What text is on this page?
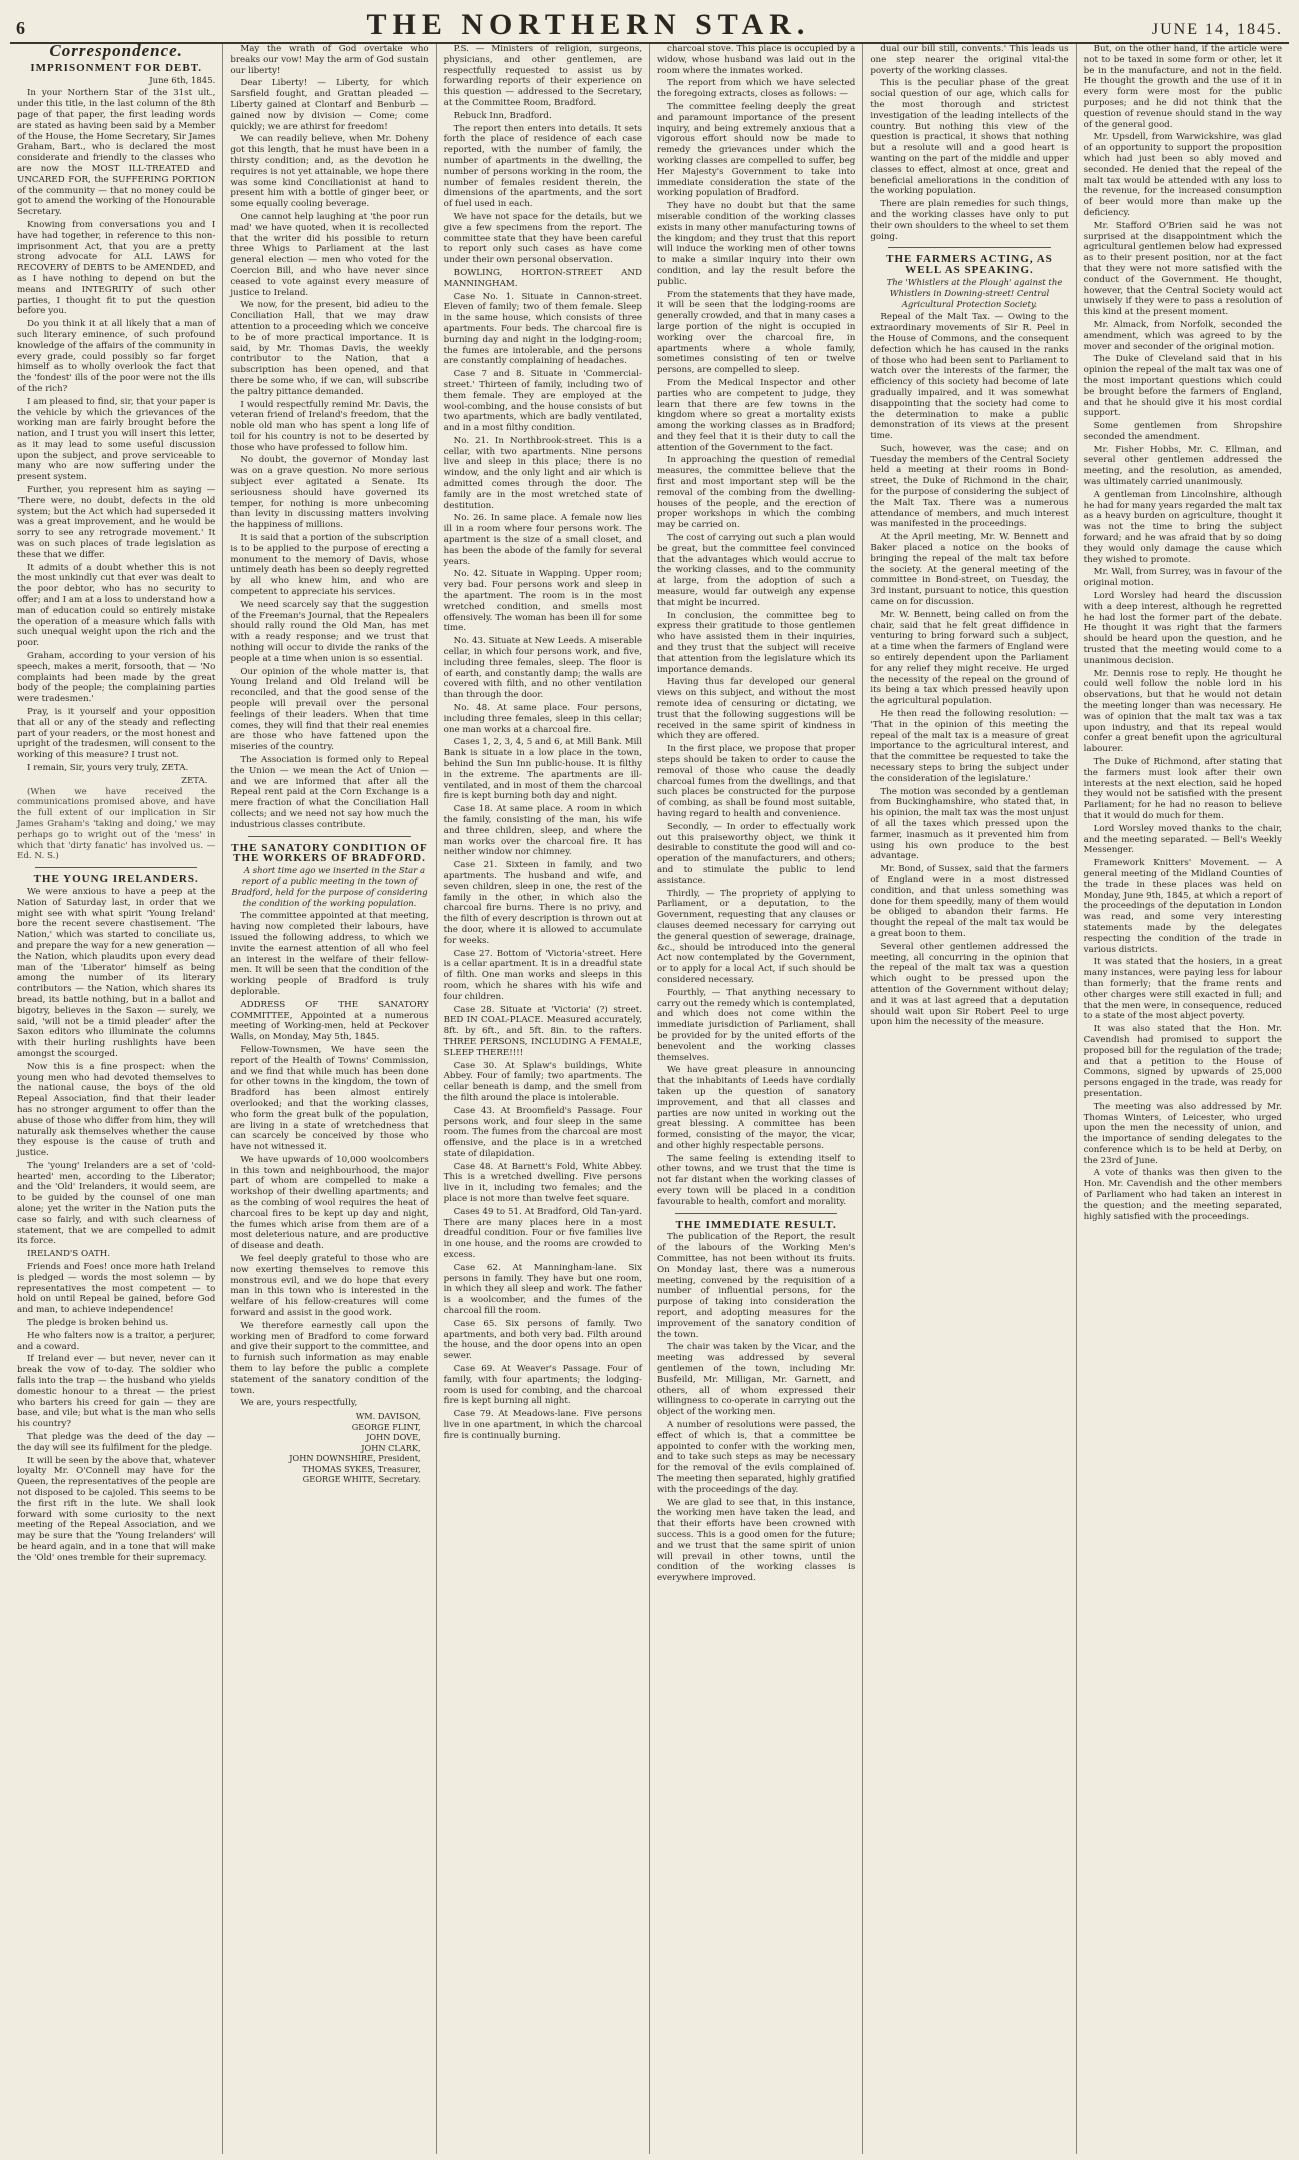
6	THE NORTHERN STAR.	JUNE 14, 1845.
Correspondence.
IMPRISONMENT FOR DEBT.
June 6th, 1845.

In your Northern Star of the 31st ult., under this title, in the last column of the 8th page of that paper, the first leading words are stated as having been said by a Member of the House, the Home Secretary, Sir James Graham, Bart., who is declared the most considerate and friendly to the classes who are now the MOST ILL-TREATED and UNCARED FOR, the SUFFERING PORTION of the community — that no money could be got to amend the working of the Honourable Secretary.

Knowing from conversations you and I have had together, in reference to this non-imprisonment Act, that you are a pretty strong advocate for ALL LAWS for RECOVERY of DEBTS to be AMENDED, and as I have nothing to depend on but the means and INTEGRITY of such other parties, I thought fit to put the question before you.

Do you think it at all likely that a man of such literary eminence, of such profound knowledge of the affairs of the community in every grade, could possibly so far forget himself as to wholly overlook the fact that the 'fondest' ills of the poor were not the ills of the rich?

I am pleased to find, sir, that your paper is the vehicle by which the grievances of the working man are fairly brought before the nation, and I trust you will insert this letter, as it may lead to some useful discussion upon the subject, and prove serviceable to many who are now suffering under the present system.

Further, you represent him as saying — 'There were, no doubt, defects in the old system; but the Act which had superseded it was a great improvement, and he would be sorry to see any retrograde movement.' It was on such places of trade legislation as these that we differ.

It admits of a doubt whether this is not the most unkindly cut that ever was dealt to the poor debtor, who has no security to offer; and I am at a loss to understand how a man of education could so entirely mistake the operation of a measure which falls with such unequal weight upon the rich and the poor.

Graham, according to your version of his speech, makes a merit, forsooth, that — 'No complaints had been made by the great body of the people; the complaining parties were tradesmen.'

Pray, is it yourself and your opposition that all or any of the steady and reflecting part of your readers, or the most honest and upright of the tradesmen, will consent to the working of this measure? I trust not.

I remain, Sir, yours very truly, ZETA.

ZETA.

(When we have received the communications promised above, and have the full extent of our implication in Sir James Graham's 'taking and doing,' we may perhaps go to wright out of the 'mess' in which that 'dirty fanatic' has involved us. — Ed. N. S.)

THE YOUNG IRELANDERS.

We were anxious to have a peep at the Nation of Saturday last, in order that we might see with what spirit 'Young Ireland' bore the recent severe chastisement. 'The Nation,' which was started to conciliate us, and prepare the way for a new generation — the Nation, which plaudits upon every dead man of the 'Liberator' himself as being among the number of its literary contributors — the Nation, which shares its bread, its battle nothing, but in a ballot and bigotry, believes in the Saxon — surely, we said, 'will not be a timid pleader' after the Saxon editors who illuminate the columns with their hurling rushlights have been amongst the scourged.

Now this is a fine prospect: when the young men who had devoted themselves to the national cause, the boys of the old Repeal Association, find that their leader has no stronger argument to offer than the abuse of those who differ from him, they will naturally ask themselves whether the cause they espouse is the cause of truth and justice.

The 'young' Irelanders are a set of 'cold-hearted' men, according to the Liberator; and the 'Old' Irelanders, it would seem, are to be guided by the counsel of one man alone; yet the writer in the Nation puts the case so fairly, and with such clearness of statement, that we are compelled to admit its force.

IRELAND'S OATH.

Friends and Foes! once more hath Ireland is pledged — words the most solemn — by representatives the most competent — to hold on until Repeal be gained, before God and man, to achieve independence!

The pledge is broken behind us.

He who falters now is a traitor, a perjurer, and a coward.

If Ireland ever — but never, never can it break the vow of to-day. The soldier who falls into the trap — the husband who yields domestic honour to a threat — the priest who barters his creed for gain — they are base, and vile; but what is the man who sells his country?

That pledge was the deed of the day — the day will see its fulfilment for the pledge.

It will be seen by the above that, whatever loyalty Mr. O'Connell may have for the Queen, the representatives of the people are not disposed to be cajoled. This seems to be the first rift in the lute. We shall look forward with some curiosity to the next meeting of the Repeal Association, and we may be sure that the 'Young Irelanders' will be heard again, and in a tone that will make the 'Old' ones tremble for their supremacy.

May the wrath of God overtake who breaks our vow! May the arm of God sustain our liberty!

Dear Liberty! — Liberty, for which Sarsfield fought, and Grattan pleaded — Liberty gained at Clontarf and Benburb — gained now by division — Come; come quickly; we are athirst for freedom!

We can readily believe, when Mr. Doheny got this length, that he must have been in a thirsty condition; and, as the devotion he requires is not yet attainable, we hope there was some kind Conciliationist at hand to present him with a bottle of ginger beer, or some equally cooling beverage.

One cannot help laughing at 'the poor run mad' we have quoted, when it is recollected that the writer did his possible to return three Whigs to Parliament at the last general election — men who voted for the Coercion Bill, and who have never since ceased to vote against every measure of justice to Ireland.

We now, for the present, bid adieu to the Conciliation Hall, that we may draw attention to a proceeding which we conceive to be of more practical importance. It is said, by Mr. Thomas Davis, the weekly contributor to the Nation, that a subscription has been opened, and that there be some who, if we can, will subscribe the paltry pittance demanded.

I would respectfully remind Mr. Davis, the veteran friend of Ireland's freedom, that the noble old man who has spent a long life of toil for his country is not to be deserted by those who have professed to follow him.

No doubt, the governor of Monday last was on a grave question. No more serious subject ever agitated a Senate. Its seriousness should have governed its temper, for nothing is more unbecoming than levity in discussing matters involving the happiness of millions.

It is said that a portion of the subscription is to be applied to the purpose of erecting a monument to the memory of Davis, whose untimely death has been so deeply regretted by all who knew him, and who are competent to appreciate his services.

We need scarcely say that the suggestion of the Freeman's Journal, that the Repealers should rally round the Old Man, has met with a ready response; and we trust that nothing will occur to divide the ranks of the people at a time when union is so essential.

Our opinion of the whole matter is, that Young Ireland and Old Ireland will be reconciled, and that the good sense of the people will prevail over the personal feelings of their leaders. When that time comes, they will find that their real enemies are those who have fattened upon the miseries of the country.

The Association is formed only to Repeal the Union — we mean the Act of Union — and we are informed that after all the Repeal rent paid at the Corn Exchange is a mere fraction of what the Conciliation Hall collects; and we need not say how much the industrious classes contribute.

THE SANATORY CONDITION OF THE WORKERS OF BRADFORD.

A short time ago we inserted in the Star a report of a public meeting in the town of Bradford, held for the purpose of considering the condition of the working population.

The committee appointed at that meeting, having now completed their labours, have issued the following address, to which we invite the earnest attention of all who feel an interest in the welfare of their fellow-men. It will be seen that the condition of the working people of Bradford is truly deplorable.

ADDRESS OF THE SANATORY COMMITTEE, Appointed at a numerous meeting of Working-men, held at Peckover Walls, on Monday, May 5th, 1845.

Fellow-Townsmen, We have seen the report of the Health of Towns' Commission, and we find that while much has been done for other towns in the kingdom, the town of Bradford has been almost entirely overlooked; and that the working classes, who form the great bulk of the population, are living in a state of wretchedness that can scarcely be conceived by those who have not witnessed it.

We have upwards of 10,000 woolcombers in this town and neighbourhood, the major part of whom are compelled to make a workshop of their dwelling apartments; and as the combing of wool requires the heat of charcoal fires to be kept up day and night, the fumes which arise from them are of a most deleterious nature, and are productive of disease and death.

We feel deeply grateful to those who are now exerting themselves to remove this monstrous evil, and we do hope that every man in this town who is interested in the welfare of his fellow-creatures will come forward and assist in the good work.

We therefore earnestly call upon the working men of Bradford to come forward and give their support to the committee, and to furnish such information as may enable them to lay before the public a complete statement of the sanatory condition of the town.

We are, yours respectfully,

WM. DAVISON,
GEORGE FLINT,
JOHN DOVE,
JOHN CLARK,
JOHN DOWNSHIRE, President,
THOMAS SYKES, Treasurer,
GEORGE WHITE, Secretary.

P.S. — Ministers of religion, surgeons, physicians, and other gentlemen, are respectfully requested to assist us by forwarding reports of their experience on this question — addressed to the Secretary, at the Committee Room, Bradford.

Rebuck Inn, Bradford.

The report then enters into details. It sets forth the place of residence of each case reported, with the number of family, the number of apartments in the dwelling, the number of persons working in the room, the number of females resident therein, the dimensions of the apartments, and the sort of fuel used in each.

We have not space for the details, but we give a few specimens from the report. The committee state that they have been careful to report only such cases as have come under their own personal observation.

BOWLING, HORTON-STREET AND MANNINGHAM.

Case No. 1. Situate in Cannon-street. Eleven of family; two of them female. Sleep in the same house, which consists of three apartments. Four beds. The charcoal fire is burning day and night in the lodging-room; the fumes are intolerable, and the persons are constantly complaining of headaches.

Case 7 and 8. Situate in 'Commercial-street.' Thirteen of family, including two of them female. They are employed at the wool-combing, and the house consists of but two apartments, which are badly ventilated, and in a most filthy condition.

No. 21. In Northbrook-street. This is a cellar, with two apartments. Nine persons live and sleep in this place; there is no window, and the only light and air which is admitted comes through the door. The family are in the most wretched state of destitution.

No. 26. In same place. A female now lies ill in a room where four persons work. The apartment is the size of a small closet, and has been the abode of the family for several years.

No. 42. Situate in Wapping. Upper room; very bad. Four persons work and sleep in the apartment. The room is in the most wretched condition, and smells most offensively. The woman has been ill for some time.

No. 43. Situate at New Leeds. A miserable cellar, in which four persons work, and five, including three females, sleep. The floor is of earth, and constantly damp; the walls are covered with filth, and no other ventilation than through the door.

No. 48. At same place. Four persons, including three females, sleep in this cellar; one man works at a charcoal fire.

Cases 1, 2, 3, 4, 5 and 6, at Mill Bank. Mill Bank is situate in a low place in the town, behind the Sun Inn public-house. It is filthy in the extreme. The apartments are ill-ventilated, and in most of them the charcoal fire is kept burning both day and night.

Case 18. At same place. A room in which the family, consisting of the man, his wife and three children, sleep, and where the man works over the charcoal fire. It has neither window nor chimney.

Case 21. Sixteen in family, and two apartments. The husband and wife, and seven children, sleep in one, the rest of the family in the other, in which also the charcoal fire burns. There is no privy, and the filth of every description is thrown out at the door, where it is allowed to accumulate for weeks.

Case 27. Bottom of 'Victoria'-street. Here is a cellar apartment. It is in a dreadful state of filth. One man works and sleeps in this room, which he shares with his wife and four children.

Case 28. Situate at 'Victoria' (?) street. BED IN COAL-PLACE. Measured accurately, 8ft. by 6ft., and 5ft. 8in. to the rafters. THREE PERSONS, INCLUDING A FEMALE, SLEEP THERE!!!!

Case 30. At Splaw's buildings, White Abbey. Four of family; two apartments. The cellar beneath is damp, and the smell from the filth around the place is intolerable.

Case 43. At Broomfield's Passage. Four persons work, and four sleep in the same room. The fumes from the charcoal are most offensive, and the place is in a wretched state of dilapidation.

Case 48. At Barnett's Fold, White Abbey. This is a wretched dwelling. Five persons live in it, including two females; and the place is not more than twelve feet square.

Cases 49 to 51. At Bradford, Old Tan-yard. There are many places here in a most dreadful condition. Four or five families live in one house, and the rooms are crowded to excess.

Case 62. At Manningham-lane. Six persons in family. They have but one room, in which they all sleep and work. The father is a woolcomber, and the fumes of the charcoal fill the room.

Case 65. Six persons of family. Two apartments, and both very bad. Filth around the house, and the door opens into an open sewer.

Case 69. At Weaver's Passage. Four of family, with four apartments; the lodging-room is used for combing, and the charcoal fire is kept burning all night.

Case 79. At Meadows-lane. Five persons live in one apartment, in which the charcoal fire is continually burning.

charcoal stove. This place is occupied by a widow, whose husband was laid out in the room where the inmates worked.

The report from which we have selected the foregoing extracts, closes as follows: —

The committee feeling deeply the great and paramount importance of the present inquiry, and being extremely anxious that a vigorous effort should now be made to remedy the grievances under which the working classes are compelled to suffer, beg Her Majesty's Government to take into immediate consideration the state of the working population of Bradford.

They have no doubt but that the same miserable condition of the working classes exists in many other manufacturing towns of the kingdom; and they trust that this report will induce the working men of other towns to make a similar inquiry into their own condition, and lay the result before the public.

From the statements that they have made, it will be seen that the lodging-rooms are generally crowded, and that in many cases a large portion of the night is occupied in working over the charcoal fire, in apartments where a whole family, sometimes consisting of ten or twelve persons, are compelled to sleep.

From the Medical Inspector and other parties who are competent to judge, they learn that there are few towns in the kingdom where so great a mortality exists among the working classes as in Bradford; and they feel that it is their duty to call the attention of the Government to the fact.

In approaching the question of remedial measures, the committee believe that the first and most important step will be the removal of the combing from the dwelling-houses of the people, and the erection of proper workshops in which the combing may be carried on.

The cost of carrying out such a plan would be great, but the committee feel convinced that the advantages which would accrue to the working classes, and to the community at large, from the adoption of such a measure, would far outweigh any expense that might be incurred.

In conclusion, the committee beg to express their gratitude to those gentlemen who have assisted them in their inquiries, and they trust that the subject will receive that attention from the legislature which its importance demands.

Having thus far developed our general views on this subject, and without the most remote idea of censuring or dictating, we trust that the following suggestions will be received in the same spirit of kindness in which they are offered.

In the first place, we propose that proper steps should be taken to order to cause the removal of those who cause the deadly charcoal fumes from the dwellings, and that such places be constructed for the purpose of combing, as shall be found most suitable, having regard to health and convenience.

Secondly, — In order to effectually work out this praiseworthy object, we think it desirable to constitute the good will and co-operation of the manufacturers, and others; and to stimulate the public to lend assistance.

Thirdly, — The propriety of applying to Parliament, or a deputation, to the Government, requesting that any clauses or clauses deemed necessary for carrying out the general question of sewerage, drainage, &c., should be introduced into the general Act now contemplated by the Government, or to apply for a local Act, if such should be considered necessary.

Fourthly, — That anything necessary to carry out the remedy which is contemplated, and which does not come within the immediate jurisdiction of Parliament, shall be provided for by the united efforts of the benevolent and the working classes themselves.

We have great pleasure in announcing that the inhabitants of Leeds have cordially taken up the question of sanatory improvement, and that all classes and parties are now united in working out the great blessing. A committee has been formed, consisting of the mayor, the vicar, and other highly respectable persons.

The same feeling is extending itself to other towns, and we trust that the time is not far distant when the working classes of every town will be placed in a condition favourable to health, comfort and morality.

THE IMMEDIATE RESULT.

The publication of the Report, the result of the labours of the Working Men's Committee, has not been without its fruits. On Monday last, there was a numerous meeting, convened by the requisition of a number of influential persons, for the purpose of taking into consideration the report, and adopting measures for the improvement of the sanatory condition of the town.

The chair was taken by the Vicar, and the meeting was addressed by several gentlemen of the town, including Mr. Busfeild, Mr. Milligan, Mr. Garnett, and others, all of whom expressed their willingness to co-operate in carrying out the object of the working men.

A number of resolutions were passed, the effect of which is, that a committee be appointed to confer with the working men, and to take such steps as may be necessary for the removal of the evils complained of. The meeting then separated, highly gratified with the proceedings of the day.

We are glad to see that, in this instance, the working men have taken the lead, and that their efforts have been crowned with success. This is a good omen for the future; and we trust that the same spirit of union will prevail in other towns, until the condition of the working classes is everywhere improved.

dual our bill still, convents.' This leads us one step nearer the original vital-the poverty of the working classes.

This is the peculiar phase of the great social question of our age, which calls for the most thorough and strictest investigation of the leading intellects of the country. But nothing this view of the question is practical, it shows that nothing but a resolute will and a good heart is wanting on the part of the middle and upper classes to effect, almost at once, great and beneficial ameliorations in the condition of the working population.

There are plain remedies for such things, and the working classes have only to put their own shoulders to the wheel to set them going.

THE FARMERS ACTING, AS WELL AS SPEAKING.

The 'Whistlers at the Plough' against the Whistlers in Downing-street! Central Agricultural Protection Society.

Repeal of the Malt Tax. — Owing to the extraordinary movements of Sir R. Peel in the House of Commons, and the consequent defection which he has caused in the ranks of those who had been sent to Parliament to watch over the interests of the farmer, the efficiency of this society had become of late gradually impaired, and it was somewhat disappointing that the society had come to the determination to make a public demonstration of its views at the present time.

Such, however, was the case; and on Tuesday the members of the Central Society held a meeting at their rooms in Bond-street, the Duke of Richmond in the chair, for the purpose of considering the subject of the Malt Tax. There was a numerous attendance of members, and much interest was manifested in the proceedings.

At the April meeting, Mr. W. Bennett and Baker placed a notice on the books of bringing the repeal of the malt tax before the society. At the general meeting of the committee in Bond-street, on Tuesday, the 3rd instant, pursuant to notice, this question came on for discussion.

Mr. W. Bennett, being called on from the chair, said that he felt great diffidence in venturing to bring forward such a subject, at a time when the farmers of England were so entirely dependent upon the Parliament for any relief they might receive. He urged the necessity of the repeal on the ground of its being a tax which pressed heavily upon the agricultural population.

He then read the following resolution: — 'That in the opinion of this meeting the repeal of the malt tax is a measure of great importance to the agricultural interest, and that the committee be requested to take the necessary steps to bring the subject under the consideration of the legislature.'

The motion was seconded by a gentleman from Buckinghamshire, who stated that, in his opinion, the malt tax was the most unjust of all the taxes which pressed upon the farmer, inasmuch as it prevented him from using his own produce to the best advantage.

Mr. Bond, of Sussex, said that the farmers of England were in a most distressed condition, and that unless something was done for them speedily, many of them would be obliged to abandon their farms. He thought the repeal of the malt tax would be a great boon to them.

Several other gentlemen addressed the meeting, all concurring in the opinion that the repeal of the malt tax was a question which ought to be pressed upon the attention of the Government without delay; and it was at last agreed that a deputation should wait upon Sir Robert Peel to urge upon him the necessity of the measure.

But, on the other hand, if the article were not to be taxed in some form or other, let it be in the manufacture, and not in the field. He thought the growth and the use of it in every form were most for the public purposes; and he did not think that the question of revenue should stand in the way of the general good.

Mr. Upsdell, from Warwickshire, was glad of an opportunity to support the proposition which had just been so ably moved and seconded. He denied that the repeal of the malt tax would be attended with any loss to the revenue, for the increased consumption of beer would more than make up the deficiency.

Mr. Stafford O'Brien said he was not surprised at the disappointment which the agricultural gentlemen below had expressed as to their present position, nor at the fact that they were not more satisfied with the conduct of the Government. He thought, however, that the Central Society would act unwisely if they were to pass a resolution of this kind at the present moment.

Mr. Almack, from Norfolk, seconded the amendment, which was agreed to by the mover and seconder of the original motion.

The Duke of Cleveland said that in his opinion the repeal of the malt tax was one of the most important questions which could be brought before the farmers of England, and that he should give it his most cordial support.

Some gentlemen from Shropshire seconded the amendment.

Mr. Fisher Hobbs, Mr. C. Ellman, and several other gentlemen addressed the meeting, and the resolution, as amended, was ultimately carried unanimously.

A gentleman from Lincolnshire, although he had for many years regarded the malt tax as a heavy burden on agriculture, thought it was not the time to bring the subject forward; and he was afraid that by so doing they would only damage the cause which they wished to promote.

Mr. Wall, from Surrey, was in favour of the original motion.

Lord Worsley had heard the discussion with a deep interest, although he regretted he had lost the former part of the debate. He thought it was right that the farmers should be heard upon the question, and he trusted that the meeting would come to a unanimous decision.

Mr. Dennis rose to reply. He thought he could well follow the noble lord in his observations, but that he would not detain the meeting longer than was necessary. He was of opinion that the malt tax was a tax upon industry, and that its repeal would confer a great benefit upon the agricultural labourer.

The Duke of Richmond, after stating that the farmers must look after their own interests at the next election, said he hoped they would not be satisfied with the present Parliament; for he had no reason to believe that it would do much for them.

Lord Worsley moved thanks to the chair, and the meeting separated. — Bell's Weekly Messenger.

Framework Knitters' Movement. — A general meeting of the Midland Counties of the trade in these places was held on Monday, June 9th, 1845, at which a report of the proceedings of the deputation in London was read, and some very interesting statements made by the delegates respecting the condition of the trade in various districts.

It was stated that the hosiers, in a great many instances, were paying less for labour than formerly; that the frame rents and other charges were still exacted in full; and that the men were, in consequence, reduced to a state of the most abject poverty.

It was also stated that the Hon. Mr. Cavendish had promised to support the proposed bill for the regulation of the trade; and that a petition to the House of Commons, signed by upwards of 25,000 persons engaged in the trade, was ready for presentation.

The meeting was also addressed by Mr. Thomas Winters, of Leicester, who urged upon the men the necessity of union, and the importance of sending delegates to the conference which is to be held at Derby, on the 23rd of June.

A vote of thanks was then given to the Hon. Mr. Cavendish and the other members of Parliament who had taken an interest in the question; and the meeting separated, highly satisfied with the proceedings.
